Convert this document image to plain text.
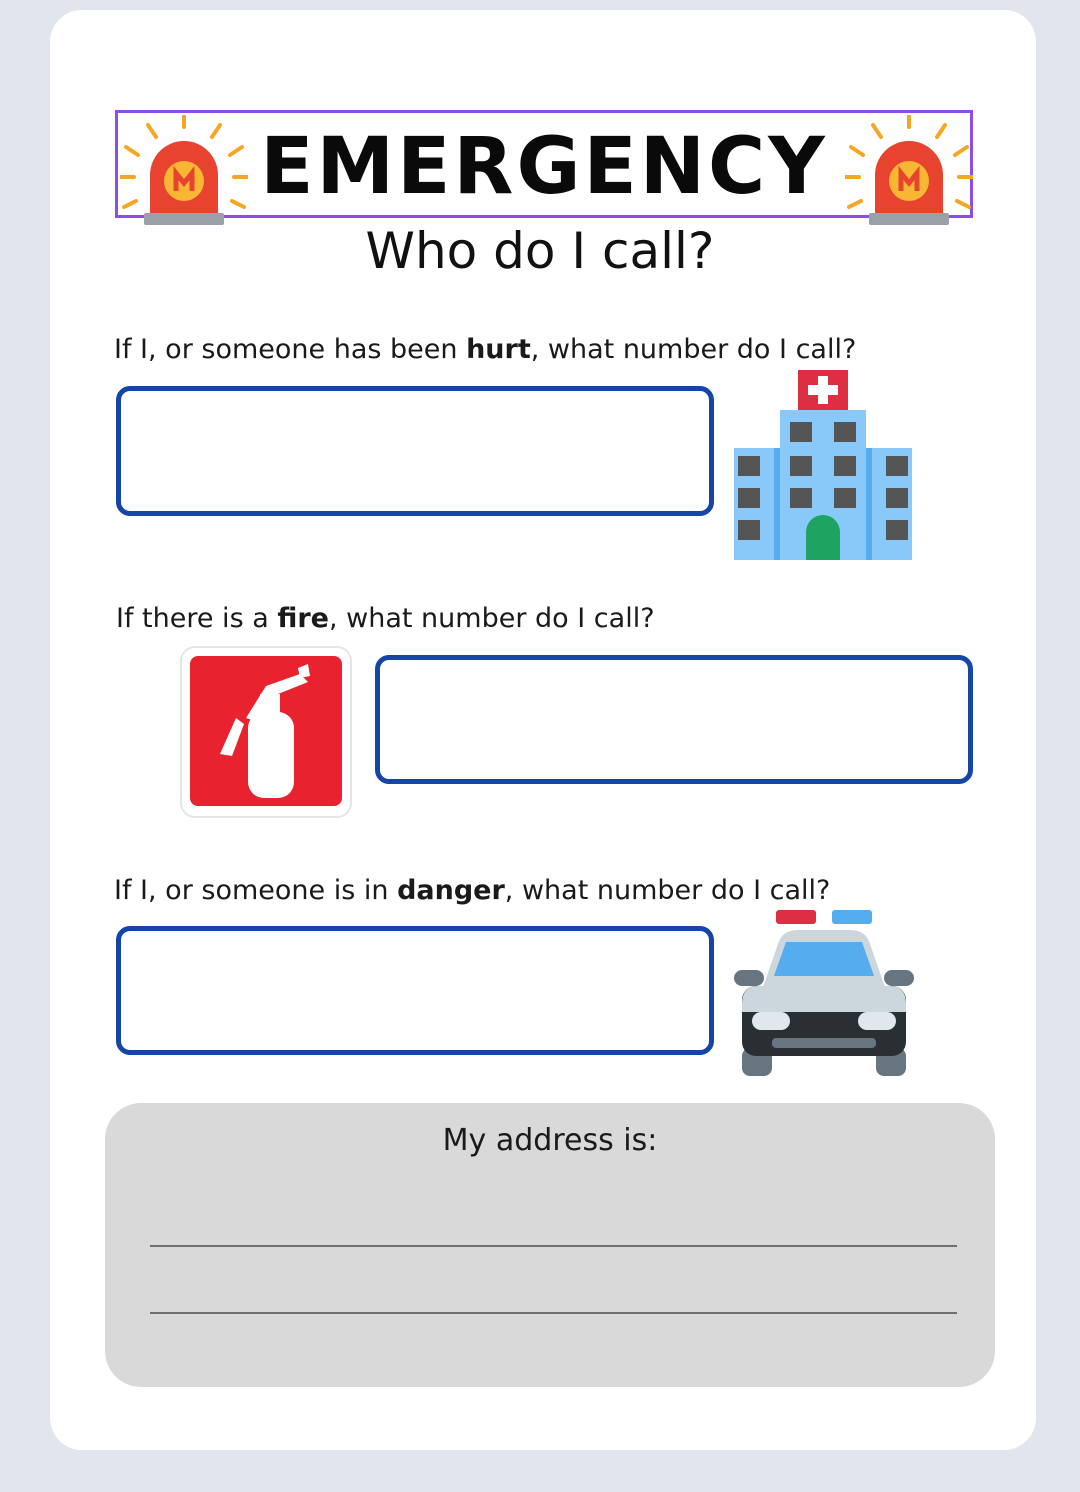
EMERGENCY
Who do I call?
If I, or someone has been hurt, what number do I call?
If there is a fire, what number do I call?
If I, or someone is in danger, what number do I call?
My address is:
